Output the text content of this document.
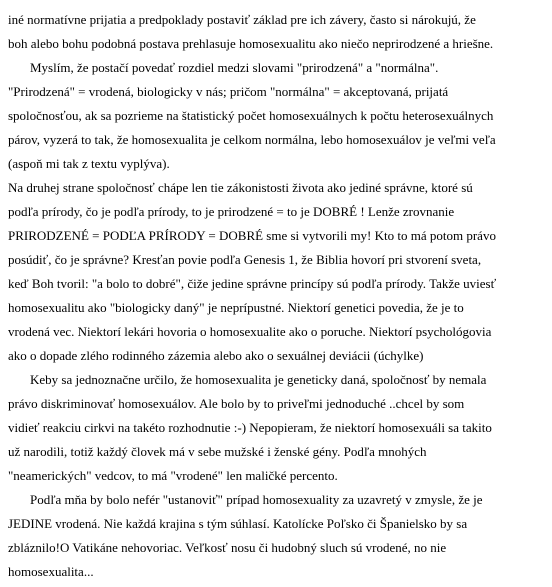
iné normatívne prijatia a predpoklady postaviť základ pre ich závery, často si nárokujú, že
boh alebo bohu podobná postava prehlasuje homosexualitu ako niečo neprirodzené a hriešne.
Myslím, že postačí povedať rozdiel medzi slovami "prirodzená" a "normálna".
"Prirodzená" = vrodená, biologicky v nás; pričom "normálna" = akceptovaná, prijatá
spoločnosťou, ak sa pozrieme na štatistický počet homosexuálnych k počtu heterosexuálnych
párov, vyzerá to tak, že homosexualita je celkom normálna, lebo homosexuálov je veľmi veľa
(aspoň mi tak z textu vyplýva).
Na druhej strane spoločnosť chápe len tie zákonistosti života ako jediné správne, ktoré sú
podľa prírody, čo je podľa prírody, to je prirodzené = to je DOBRÉ ! Lenže zrovnanie
PRIRODZENÉ = PODĽA PRÍRODY = DOBRÉ sme si vytvorili my! Kto to má potom právo
posúdiť, čo je správne? Kresťan povie podľa Genesis 1, že Biblia hovorí pri stvorení sveta,
keď Boh tvoril: "a bolo to dobré", čiže jedine správne princípy sú podľa prírody. Takže uviesť
homosexualitu ako "biologicky daný" je neprípustné. Niektorí genetici povedia, že je to
vrodená vec. Niektorí lekári hovoria o homosexualite ako o poruche. Niektorí psychológovia
ako o dopade zlého rodinného zázemia alebo ako o sexuálnej deviácii (úchylke)
Keby sa jednoznačne určilo, že homosexualita je geneticky daná, spoločnosť by nemala
právo diskriminovať homosexuálov. Ale bolo by to priveľmi jednoduché ..chcel by som
vidieť reakciu cirkvi na takéto rozhodnutie :-) Nepopieram, že niektorí homosexuáli sa takito
už narodili, totiž každý človek má v sebe mužské i ženské gény. Podľa mnohých
"neamerických" vedcov, to má "vrodené" len maličké percento.
Podľa mňa by bolo nefér "ustanoviť" prípad homosexuality za uzavretý v zmysle, že je
JEDINE vrodená. Nie každá krajina s tým súhlasí. Katolícke Poľsko či Španielsko by sa
zbláznilo!O Vatikáne nehovoriac. Veľkosť nosu či hudobný sluch sú vrodené, no nie
homosexualita...
